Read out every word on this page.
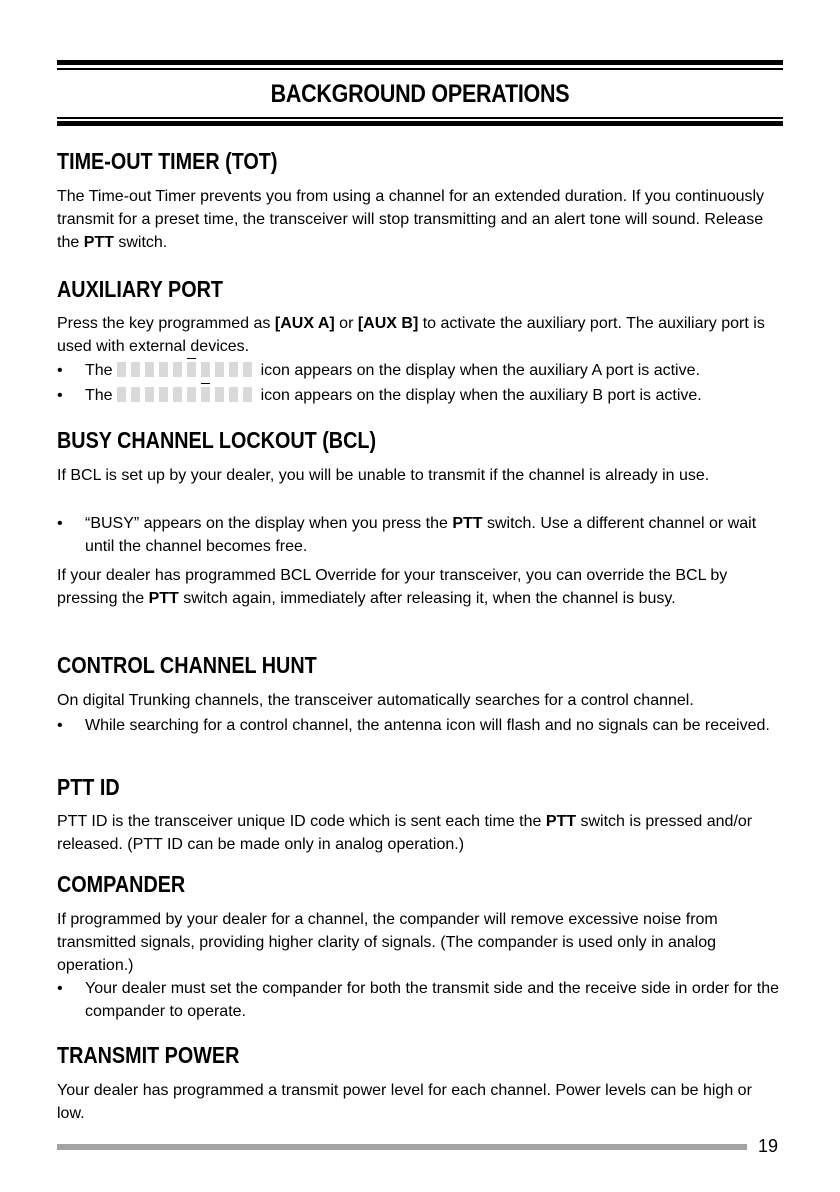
BACKGROUND OPERATIONS
TIME-OUT TIMER (TOT)

The Time-out Timer prevents you from using a channel for an extended duration. If you continuously transmit for a preset time, the transceiver will stop transmitting and an alert tone will sound. Release the PTT switch.

AUXILIARY PORT

Press the key programmed as [AUX A] or [AUX B] to activate the auxiliary port. The auxiliary port is used with external devices.

• The	icon appears on the display when the auxiliary A port is active.
• The	icon appears on the display when the auxiliary B port is active.
BUSY CHANNEL LOCKOUT (BCL)

If BCL is set up by your dealer, you will be unable to transmit if the channel is already in use.

• “BUSY” appears on the display when you press the PTT switch. Use a different channel or wait until the channel becomes free.

If your dealer has programmed BCL Override for your transceiver, you can override the BCL by pressing the PTT switch again, immediately after releasing it, when the channel is busy.

CONTROL CHANNEL HUNT

On digital Trunking channels, the transceiver automatically searches for a control channel.

• While searching for a control channel, the antenna icon will flash and no signals can be received.
PTT ID

PTT ID is the transceiver unique ID code which is sent each time the PTT switch is pressed and/or released. (PTT ID can be made only in analog operation.)

COMPANDER

If programmed by your dealer for a channel, the compander will remove excessive noise from transmitted signals, providing higher clarity of signals. (The compander is used only in analog operation.)

• Your dealer must set the compander for both the transmit side and the receive side in order for the compander to operate.
TRANSMIT POWER

Your dealer has programmed a transmit power level for each channel. Power levels can be high or low.

19
